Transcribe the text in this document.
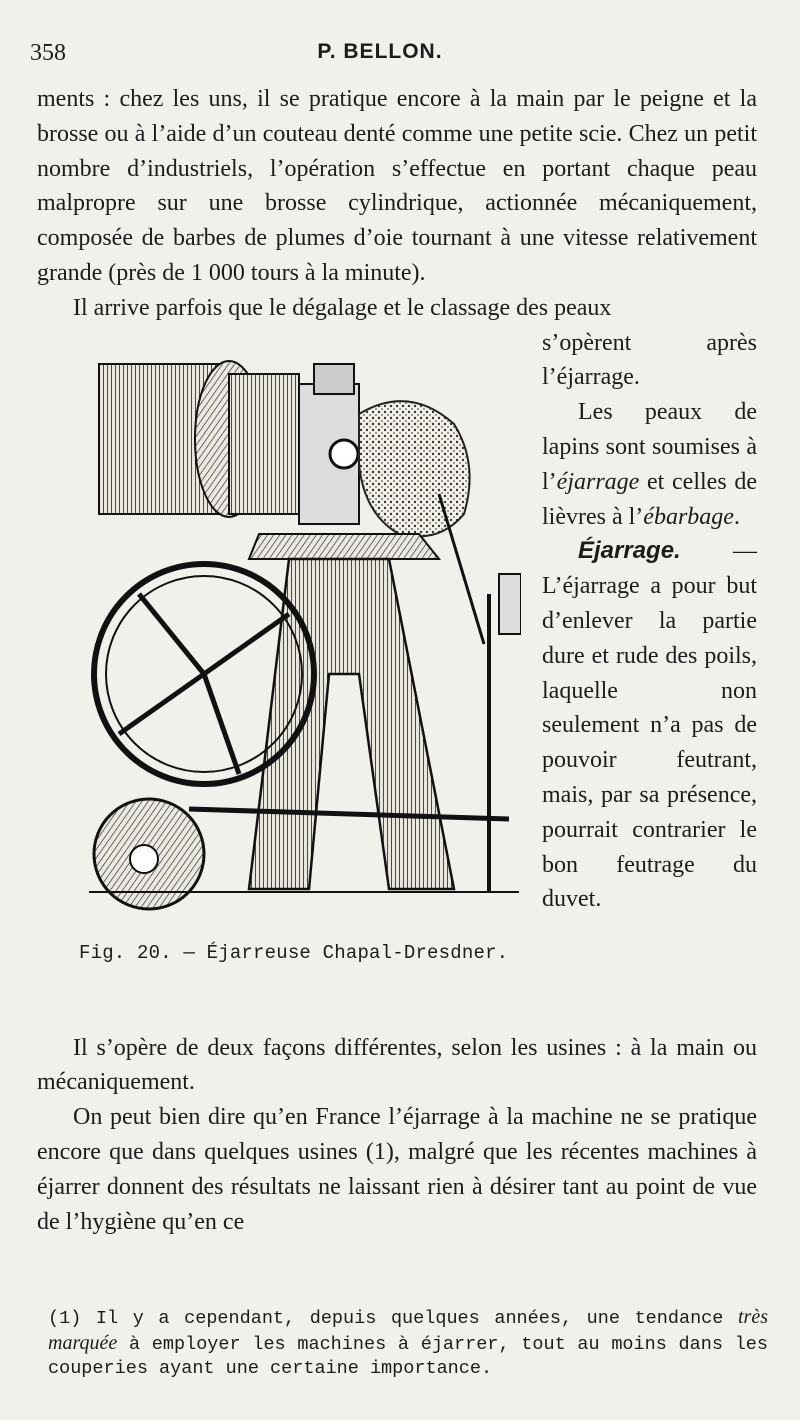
358	P. BELLON.

ments : chez les uns, il se pratique encore à la main par le peigne et la brosse ou à l’aide d’un couteau denté comme une petite scie. Chez un petit nombre d’industriels, l’opération s’effectue en portant chaque peau malpropre sur une brosse cylindrique, actionnée mécaniquement, composée de barbes de plumes d’oie tournant à une vitesse relativement grande (près de 1 000 tours à la minute).

Il arrive parfois que le dégalage et le classage des peaux

Fig. 20. — Éjarreuse Chapal-Dresdner.

s’opèrent après l’éjarrage.

Les peaux de lapins sont soumises à l’éjarrage et celles de lièvres à l’ébarbage.

Éjarrage. — L’éjarrage a pour but d’enlever la partie dure et rude des poils, laquelle non seulement n’a pas de pouvoir feutrant, mais, par sa présence, pourrait contrarier le bon feutrage du duvet.

Il s’opère de deux façons différentes, selon les usines : à la main ou mécaniquement.

On peut bien dire qu’en France l’éjarrage à la machine ne se pratique encore que dans quelques usines (1), malgré que les récentes machines à éjarrer donnent des résultats ne laissant rien à désirer tant au point de vue de l’hygiène qu’en ce

(1) Il y a cependant, depuis quelques années, une tendance très marquée à employer les machines à éjarrer, tout au moins dans les couperies ayant une certaine importance.
